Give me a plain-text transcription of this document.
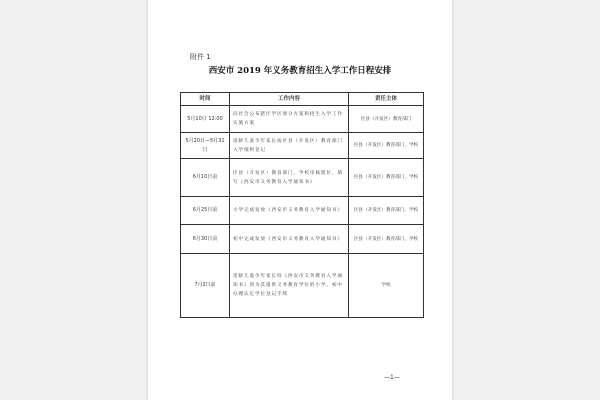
附件 1
西安市 2019 年义务教育招生入学工作日程安排
时间	工作内容	责任主体
5月10日 12:00	向社会公布辖区学区划分方案和招生入学工作实施方案	区县（开发区）教育部门
5月20日—5月31日	适龄儿童少年家长按区县（开发区）教育部门入学细则登记	区县（开发区）教育部门、学校
6月10日前	区县（开发区）教育部门、学校审核派位，填写《西安市义务教育入学通知书》	区县（开发区）教育部门、学校
6月25日前	小学完成发放《西安市义务教育入学通知书》	区县（开发区）教育部门、学校
6月30日前	初中完成发放《西安市义务教育入学通知书》	区县（开发区）教育部门、学校
7月2日前	适龄儿童少年家长持《西安市义务教育入学通知书》到为其提供义务教育学位的小学、初中办理认定学位登记手续	学校
—1—
